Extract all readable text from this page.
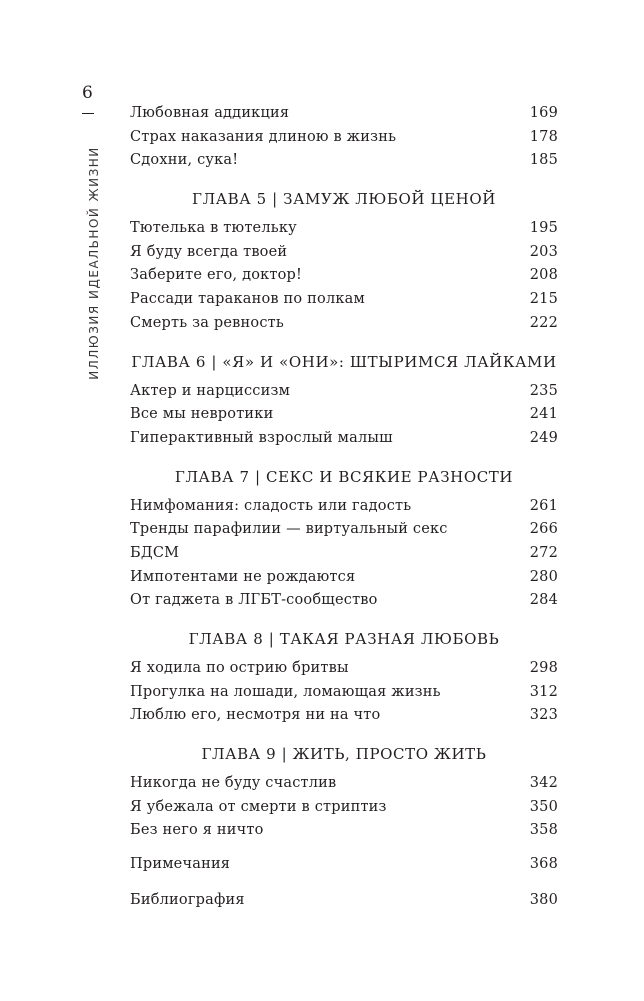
6
ИЛЛЮЗИЯ ИДЕАЛЬНОЙ ЖИЗНИ
Любовная аддикция	169
Страх наказания длиною в жизнь	178
Сдохни, сука!	185
ГЛАВА 5 | ЗАМУЖ ЛЮБОЙ ЦЕНОЙ
Тютелька в тютельку	195
Я буду всегда твоей	203
Заберите его, доктор!	208
Рассади тараканов по полкам	215
Смерть за ревность	222
ГЛАВА 6 | «Я» И «ОНИ»: ШТЫРИМСЯ ЛАЙКАМИ
Актер и нарциссизм	235
Все мы невротики	241
Гиперактивный взрослый малыш	249
ГЛАВА 7 | СЕКС И ВСЯКИЕ РАЗНОСТИ
Нимфомания: сладость или гадость	261
Тренды парафилии — виртуальный секс	266
БДСМ	272
Импотентами не рождаются	280
От гаджета в ЛГБТ-сообщество	284
ГЛАВА 8 | ТАКАЯ РАЗНАЯ ЛЮБОВЬ
Я ходила по острию бритвы	298
Прогулка на лошади, ломающая жизнь	312
Люблю его, несмотря ни на что	323
ГЛАВА 9 | ЖИТЬ, ПРОСТО ЖИТЬ
Никогда не буду счастлив	342
Я убежала от смерти в стриптиз	350
Без него я ничто	358
Примечания	368
Библиография	380
